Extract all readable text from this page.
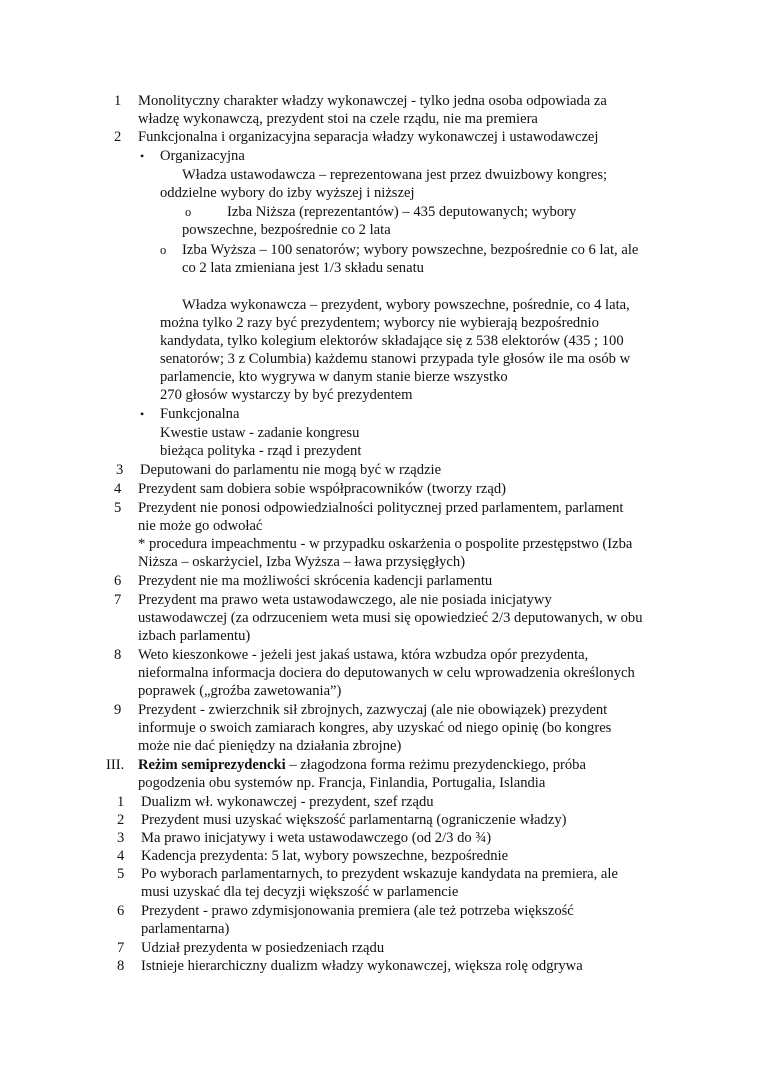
1 Monolityczny charakter władzy wykonawczej - tylko jedna osoba odpowiada za
władzę wykonawczą, prezydent stoi na czele rządu, nie ma premiera
2 Funkcjonalna i organizacyjna separacja władzy wykonawczej i ustawodawczej
• Organizacyjna
Władza ustawodawcza – reprezentowana jest przez dwuizbowy kongres;
oddzielne wybory do izby wyższej i niższej
o Izba Niższa (reprezentantów) – 435 deputowanych; wybory
powszechne, bezpośrednie co 2 lata
o Izba Wyższa – 100 senatorów; wybory powszechne, bezpośrednie co 6 lat, ale
co 2 lata zmieniana jest 1/3 składu senatu
Władza wykonawcza – prezydent, wybory powszechne, pośrednie, co 4 lata,
można tylko 2 razy być prezydentem; wyborcy nie wybierają bezpośrednio
kandydata, tylko kolegium elektorów składające się z 538 elektorów (435 ; 100
senatorów; 3 z Columbia) każdemu stanowi przypada tyle głosów ile ma osób w
parlamencie, kto wygrywa w danym stanie bierze wszystko
270 głosów wystarczy by być prezydentem
• Funkcjonalna
Kwestie ustaw - zadanie kongresu
bieżąca polityka - rząd i prezydent
3 Deputowani do parlamentu nie mogą być w rządzie
4 Prezydent sam dobiera sobie współpracowników (tworzy rząd)
5 Prezydent nie ponosi odpowiedzialności politycznej przed parlamentem, parlament
nie może go odwołać
* procedura impeachmentu - w przypadku oskarżenia o pospolite przestępstwo (Izba
Niższa – oskarżyciel, Izba Wyższa – ława przysięgłych)
6 Prezydent nie ma możliwości skrócenia kadencji parlamentu
7 Prezydent ma prawo weta ustawodawczego, ale nie posiada inicjatywy
ustawodawczej (za odrzuceniem weta musi się opowiedzieć 2/3 deputowanych, w obu
izbach parlamentu)
8 Weto kieszonkowe - jeżeli jest jakaś ustawa, która wzbudza opór prezydenta,
nieformalna informacja dociera do deputowanych w celu wprowadzenia określonych
poprawek („groźba zawetowania”)
9 Prezydent - zwierzchnik sił zbrojnych, zazwyczaj (ale nie obowiązek) prezydent
informuje o swoich zamiarach kongres, aby uzyskać od niego opinię (bo kongres
może nie dać pieniędzy na działania zbrojne)
III. Reżim semiprezydencki – złagodzona forma reżimu prezydenckiego, próba
pogodzenia obu systemów np. Francja, Finlandia, Portugalia, Islandia
1 Dualizm wł. wykonawczej - prezydent, szef rządu
2 Prezydent musi uzyskać większość parlamentarną (ograniczenie władzy)
3 Ma prawo inicjatywy i weta ustawodawczego (od 2/3 do ¾)
4 Kadencja prezydenta: 5 lat, wybory powszechne, bezpośrednie
5 Po wyborach parlamentarnych, to prezydent wskazuje kandydata na premiera, ale
musi uzyskać dla tej decyzji większość w parlamencie
6 Prezydent - prawo zdymisjonowania premiera (ale też potrzeba większość
parlamentarna)
7 Udział prezydenta w posiedzeniach rządu
8 Istnieje hierarchiczny dualizm władzy wykonawczej, większa rolę odgrywa
